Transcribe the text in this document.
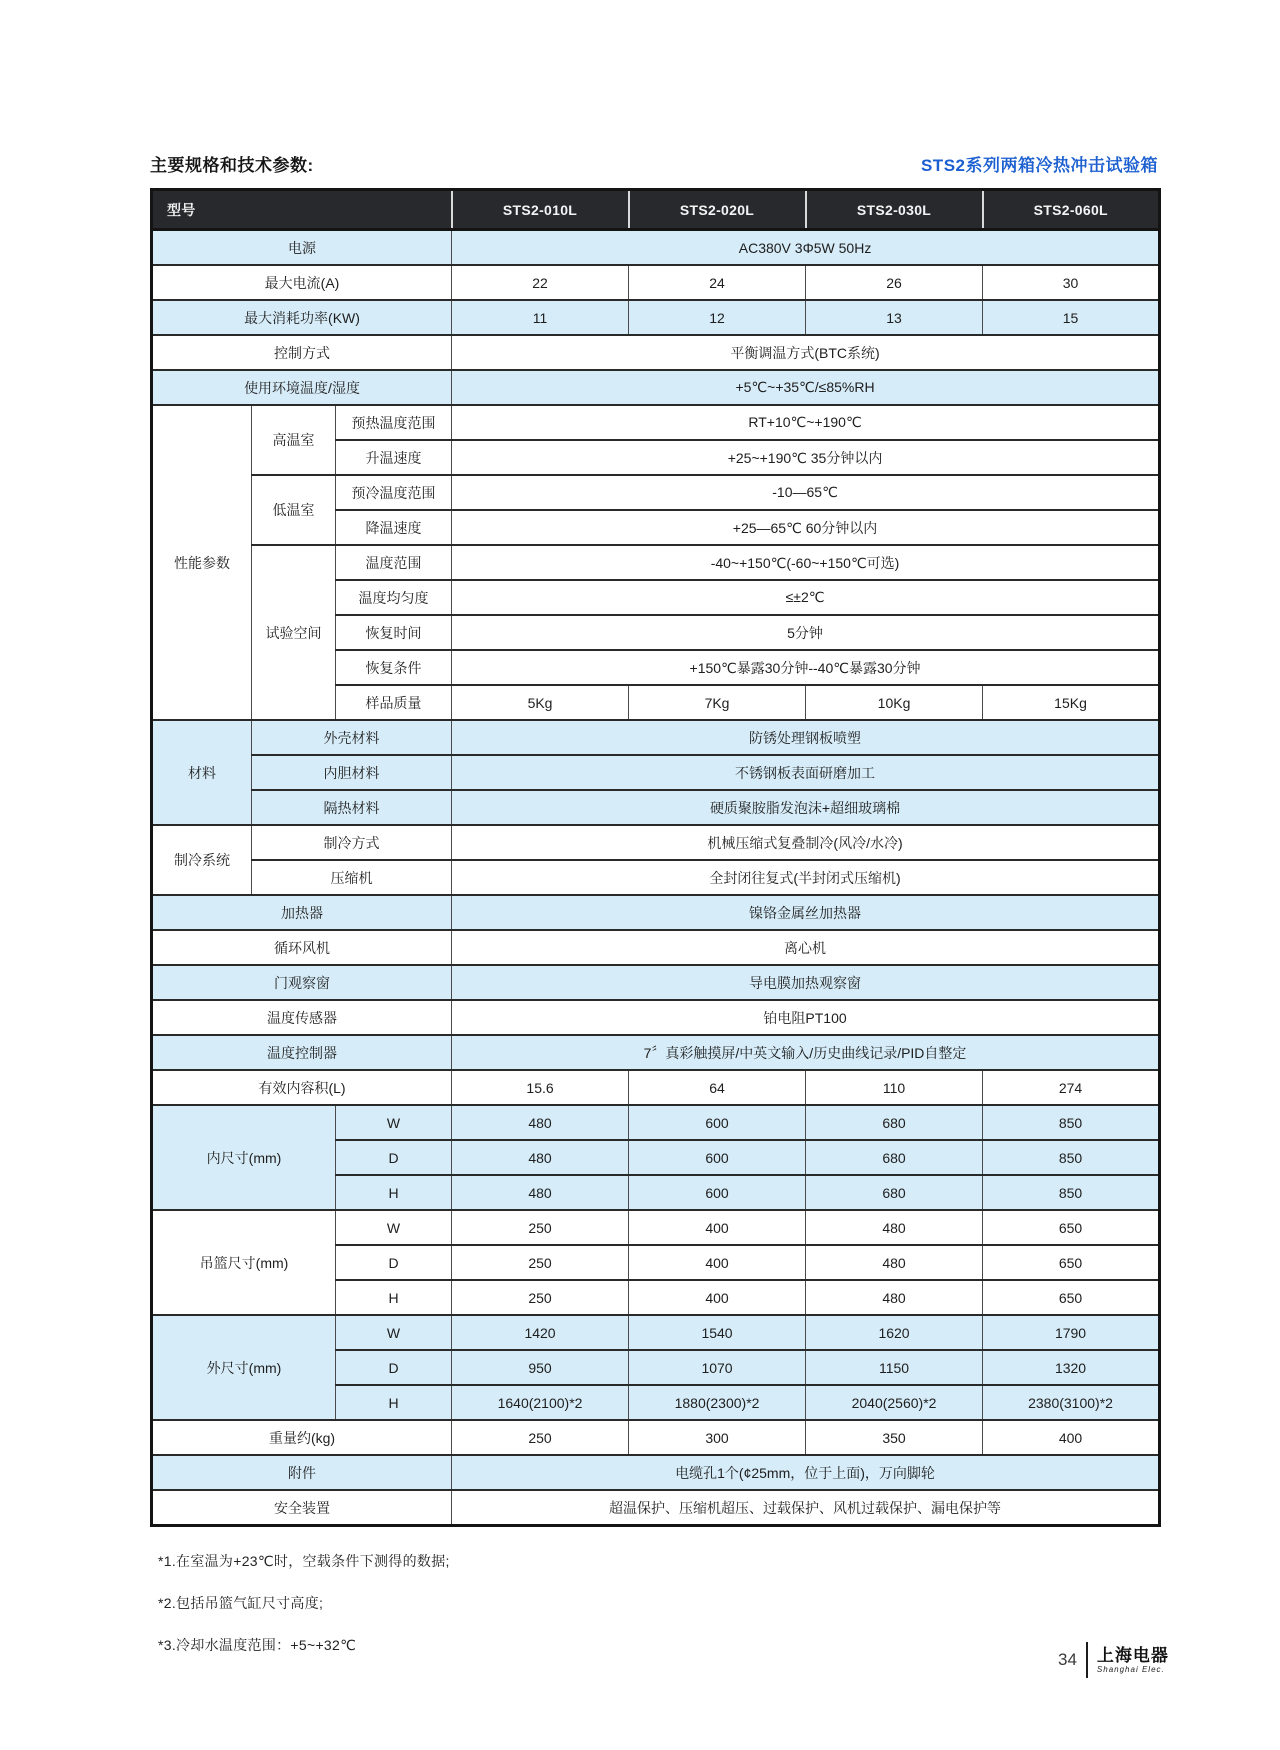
主要规格和技术参数:	STS2系列两箱冷热冲击试验箱
型号			STS2-010L	STS2-020L	STS2-030L	STS2-060L
电源			AC380V 3Φ5W 50Hz			
最大电流(A)			22	24	26	30
最大消耗功率(KW)			11	12	13	15
控制方式			平衡调温方式(BTC系统)			
使用环境温度/湿度			+5℃~+35℃/≤85%RH			
性能参数	高温室	预热温度范围	RT+10℃~+190℃			
		升温速度	+25~+190℃ 35分钟以内			
	低温室	预冷温度范围	-10—65℃			
		降温速度	+25—65℃ 60分钟以内			
	试验空间	温度范围	-40~+150℃(-60~+150℃可选)			
		温度均匀度	≤±2℃			
		恢复时间	5分钟			
		恢复条件	+150℃暴露30分钟--40℃暴露30分钟			
		样品质量	5Kg	7Kg	10Kg	15Kg
材料	外壳材料		防锈处理钢板喷塑			
	内胆材料		不锈钢板表面研磨加工			
	隔热材料		硬质聚胺脂发泡沫+超细玻璃棉			
制冷系统	制冷方式		机械压缩式复叠制冷(风冷/水冷)			
	压缩机		全封闭往复式(半封闭式压缩机)			
加热器			镍铬金属丝加热器			
循环风机			离心机			
门观察窗			导电膜加热观察窗			
温度传感器			铂电阻PT100			
温度控制器			7〞真彩触摸屏/中英文输入/历史曲线记录/PID自整定			
有效内容积(L)			15.6	64	110	274
内尺寸(mm)		W	480	600	680	850
		D	480	600	680	850
		H	480	600	680	850
吊篮尺寸(mm)		W	250	400	480	650
		D	250	400	480	650
		H	250	400	480	650
外尺寸(mm)		W	1420	1540	1620	1790
		D	950	1070	1150	1320
		H	1640(2100)*2	1880(2300)*2	2040(2560)*2	2380(3100)*2
重量约(kg)			250	300	350	400
附件			电缆孔1个(¢25mm，位于上面)，万向脚轮			
安全装置			超温保护、压缩机超压、过载保护、风机过载保护、漏电保护等			
*1.在室温为+23℃时，空载条件下测得的数据;
*2.包括吊篮气缸尺寸高度;
*3.冷却水温度范围：+5~+32℃
34 上海电器
Shanghai Elec.
